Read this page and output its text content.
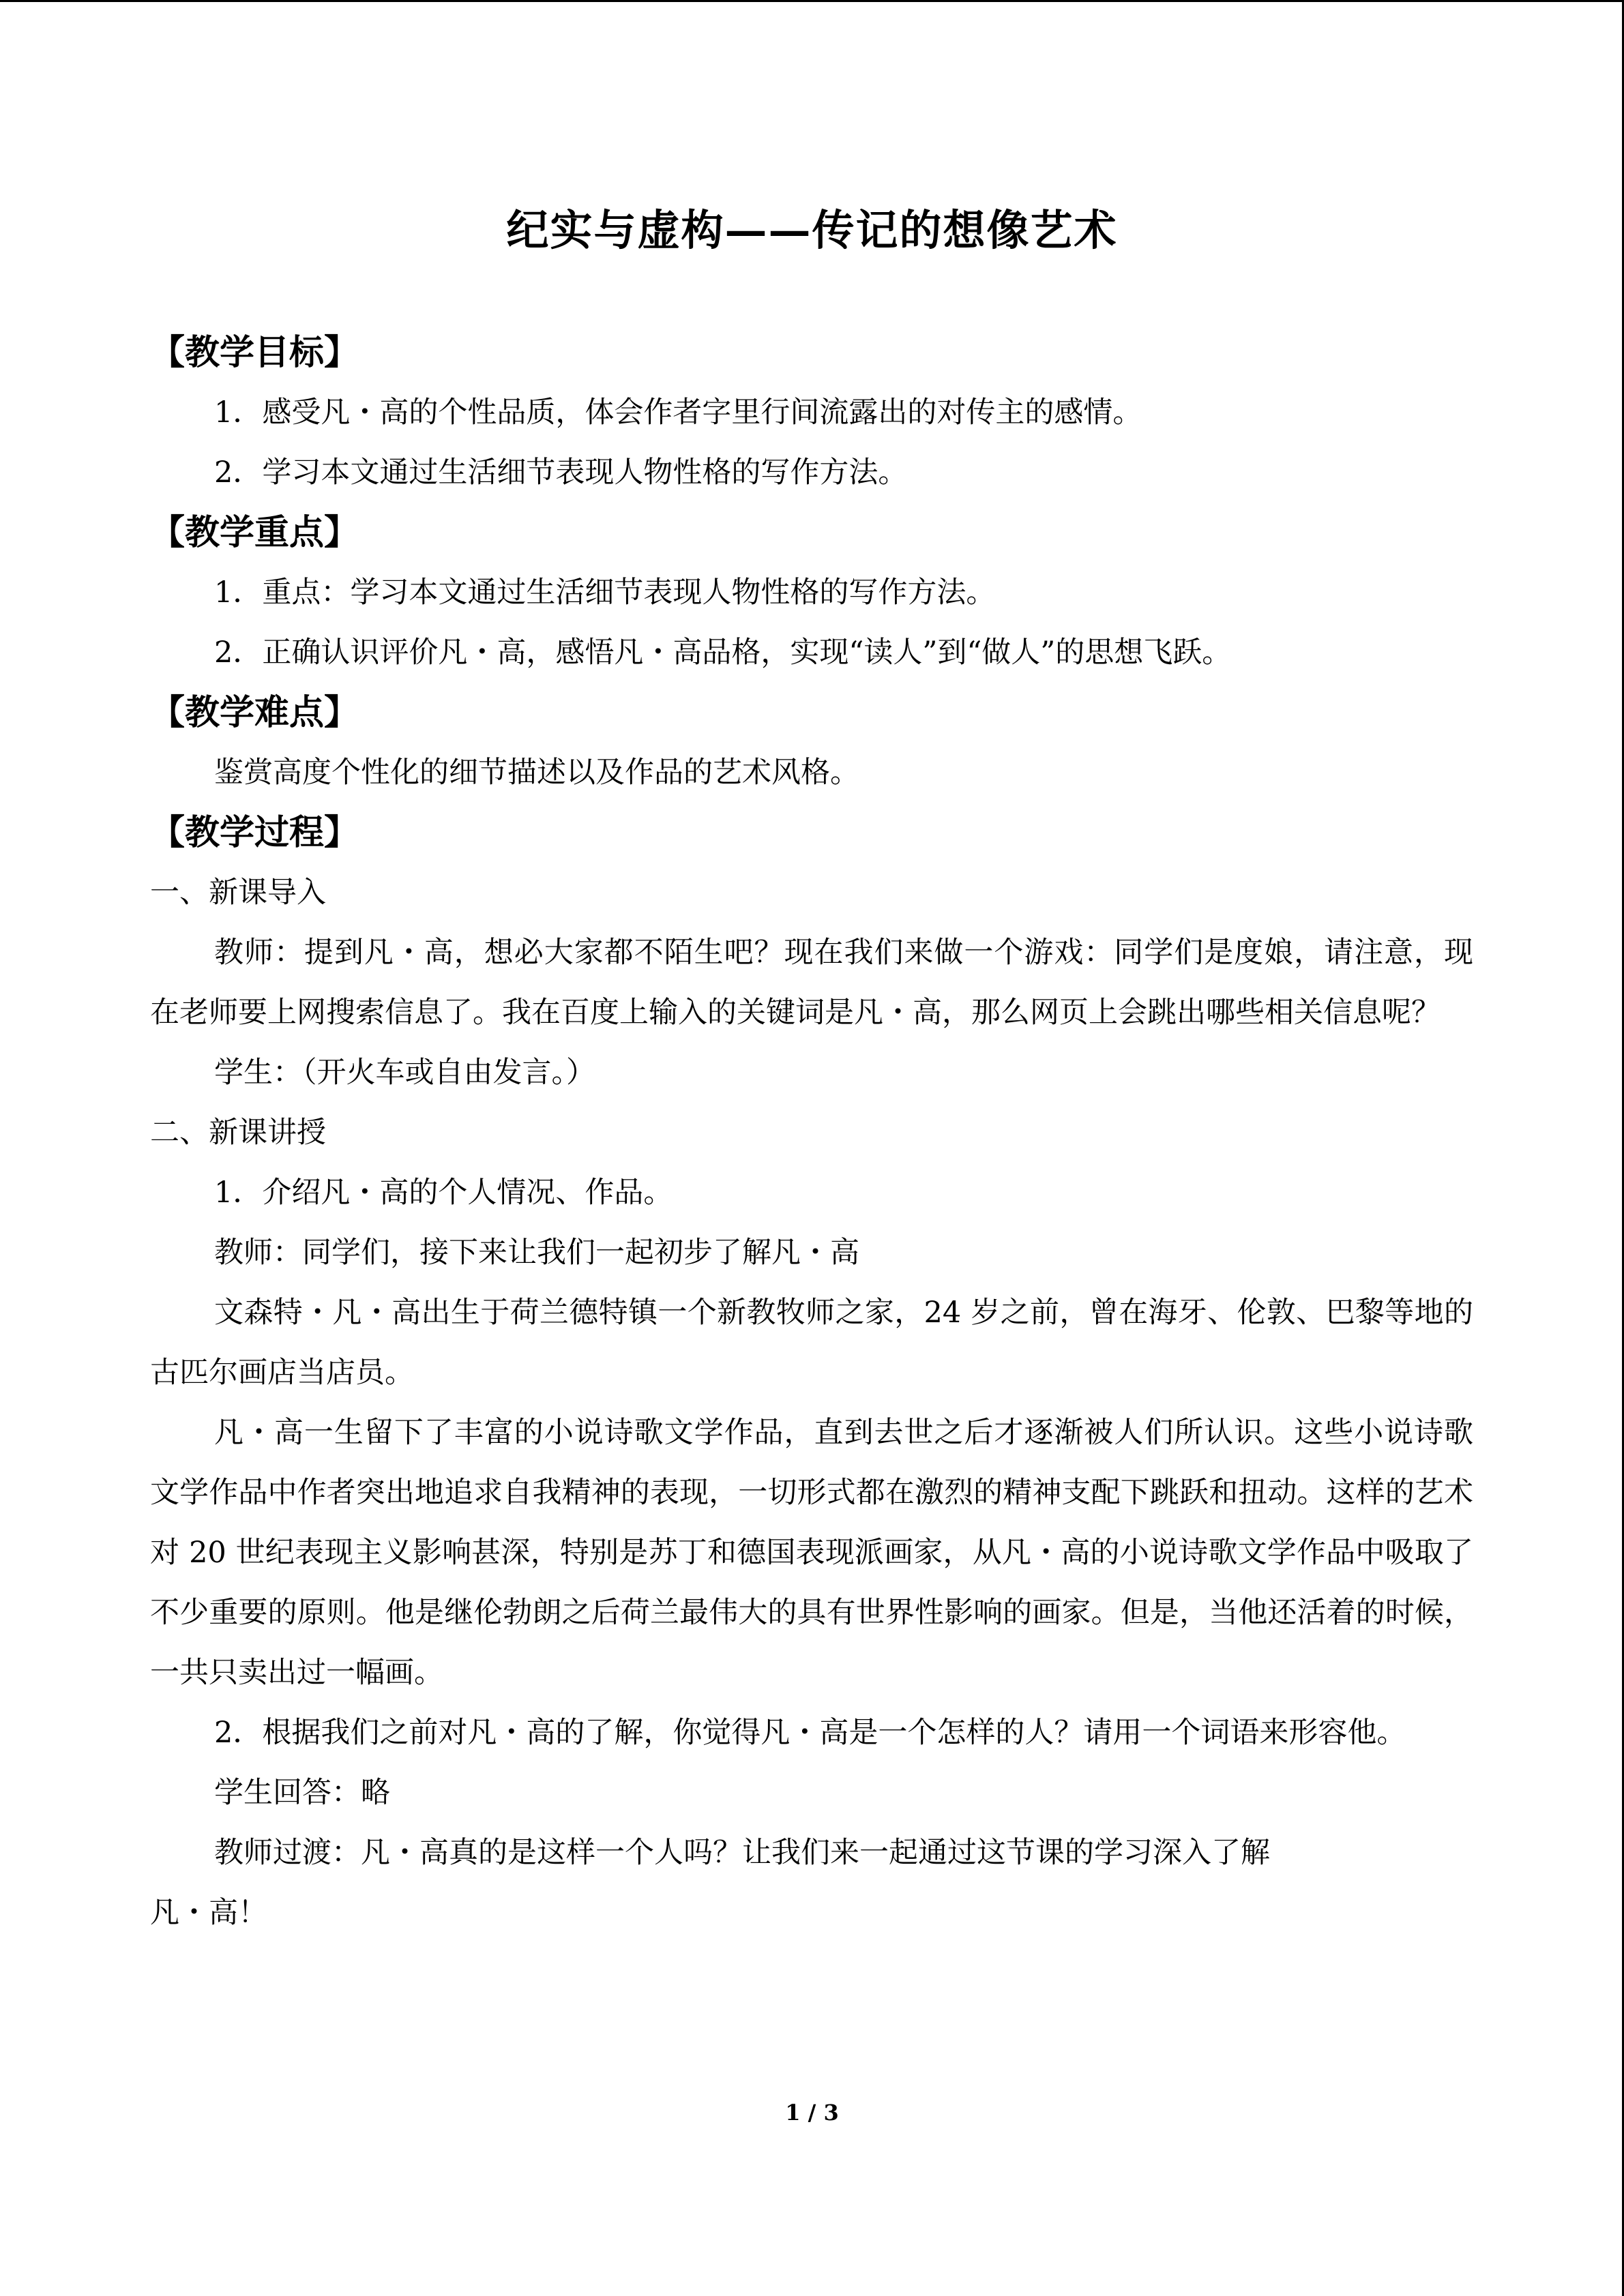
纪实与虚构——传记的想像艺术
【教学目标】
1．感受凡・高的个性品质，体会作者字里行间流露出的对传主的感情。
2．学习本文通过生活细节表现人物性格的写作方法。
【教学重点】
1．重点：学习本文通过生活细节表现人物性格的写作方法。
2．正确认识评价凡・高，感悟凡・高品格，实现“读人”到“做人”的思想飞跃。
【教学难点】
鉴赏高度个性化的细节描述以及作品的艺术风格。
【教学过程】
一、新课导入

教师：提到凡・高，想必大家都不陌生吧？现在我们来做一个游戏：同学们是度娘，请注意，现在老师要上网搜索信息了。我在百度上输入的关键词是凡・高，那么网页上会跳出哪些相关信息呢？

学生：（开火车或自由发言。）
二、新课讲授
1．介绍凡・高的个人情况、作品。
教师：同学们，接下来让我们一起初步了解凡・高

文森特・凡・高出生于荷兰德特镇一个新教牧师之家，24 岁之前，曾在海牙、伦敦、巴黎等地的古匹尔画店当店员。

凡・高一生留下了丰富的小说诗歌文学作品，直到去世之后才逐渐被人们所认识。这些小说诗歌文学作品中作者突出地追求自我精神的表现，一切形式都在激烈的精神支配下跳跃和扭动。这样的艺术对 20 世纪表现主义影响甚深，特别是苏丁和德国表现派画家，从凡・高的小说诗歌文学作品中吸取了不少重要的原则。他是继伦勃朗之后荷兰最伟大的具有世界性影响的画家。但是，当他还活着的时候，一共只卖出过一幅画。

2．根据我们之前对凡・高的了解，你觉得凡・高是一个怎样的人？请用一个词语来形容他。

学生回答：略
教师过渡：凡・高真的是这样一个人吗？让我们来一起通过这节课的学习深入了解
凡・高！
1 / 3
